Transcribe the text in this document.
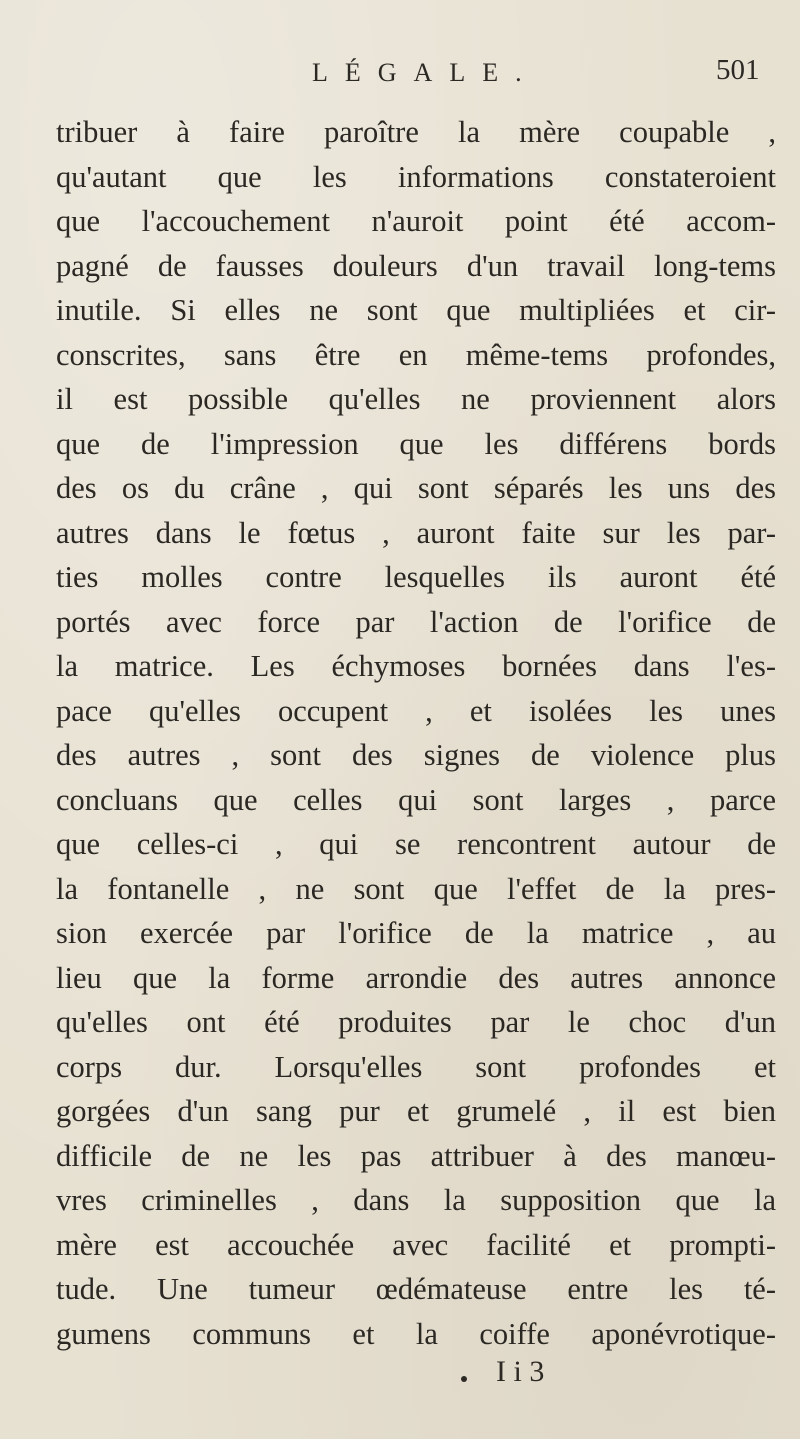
LÉGALE.	501
tribuer à faire paroître la mère coupable ,
qu'autant que les informations constateroient
que l'accouchement n'auroit point été accom-
pagné de fausses douleurs d'un travail long-tems
inutile. Si elles ne sont que multipliées et cir-
conscrites, sans être en même-tems profondes,
il est possible qu'elles ne proviennent alors
que de l'impression que les différens bords
des os du crâne , qui sont séparés les uns des
autres dans le fœtus , auront faite sur les par-
ties molles contre lesquelles ils auront été
portés avec force par l'action de l'orifice de
la matrice. Les échymoses bornées dans l'es-
pace qu'elles occupent , et isolées les unes
des autres , sont des signes de violence plus
concluans que celles qui sont larges , parce
que celles-ci , qui se rencontrent autour de
la fontanelle , ne sont que l'effet de la pres-
sion exercée par l'orifice de la matrice , au
lieu que la forme arrondie des autres annonce
qu'elles ont été produites par le choc d'un
corps dur. Lorsqu'elles sont profondes et
gorgées d'un sang pur et grumelé , il est bien
difficile de ne les pas attribuer à des manœu-
vres criminelles , dans la supposition que la
mère est accouchée avec facilité et prompti-
tude. Une tumeur œdémateuse entre les té-
gumens communs et la coiffe aponévrotique-
I i 3
